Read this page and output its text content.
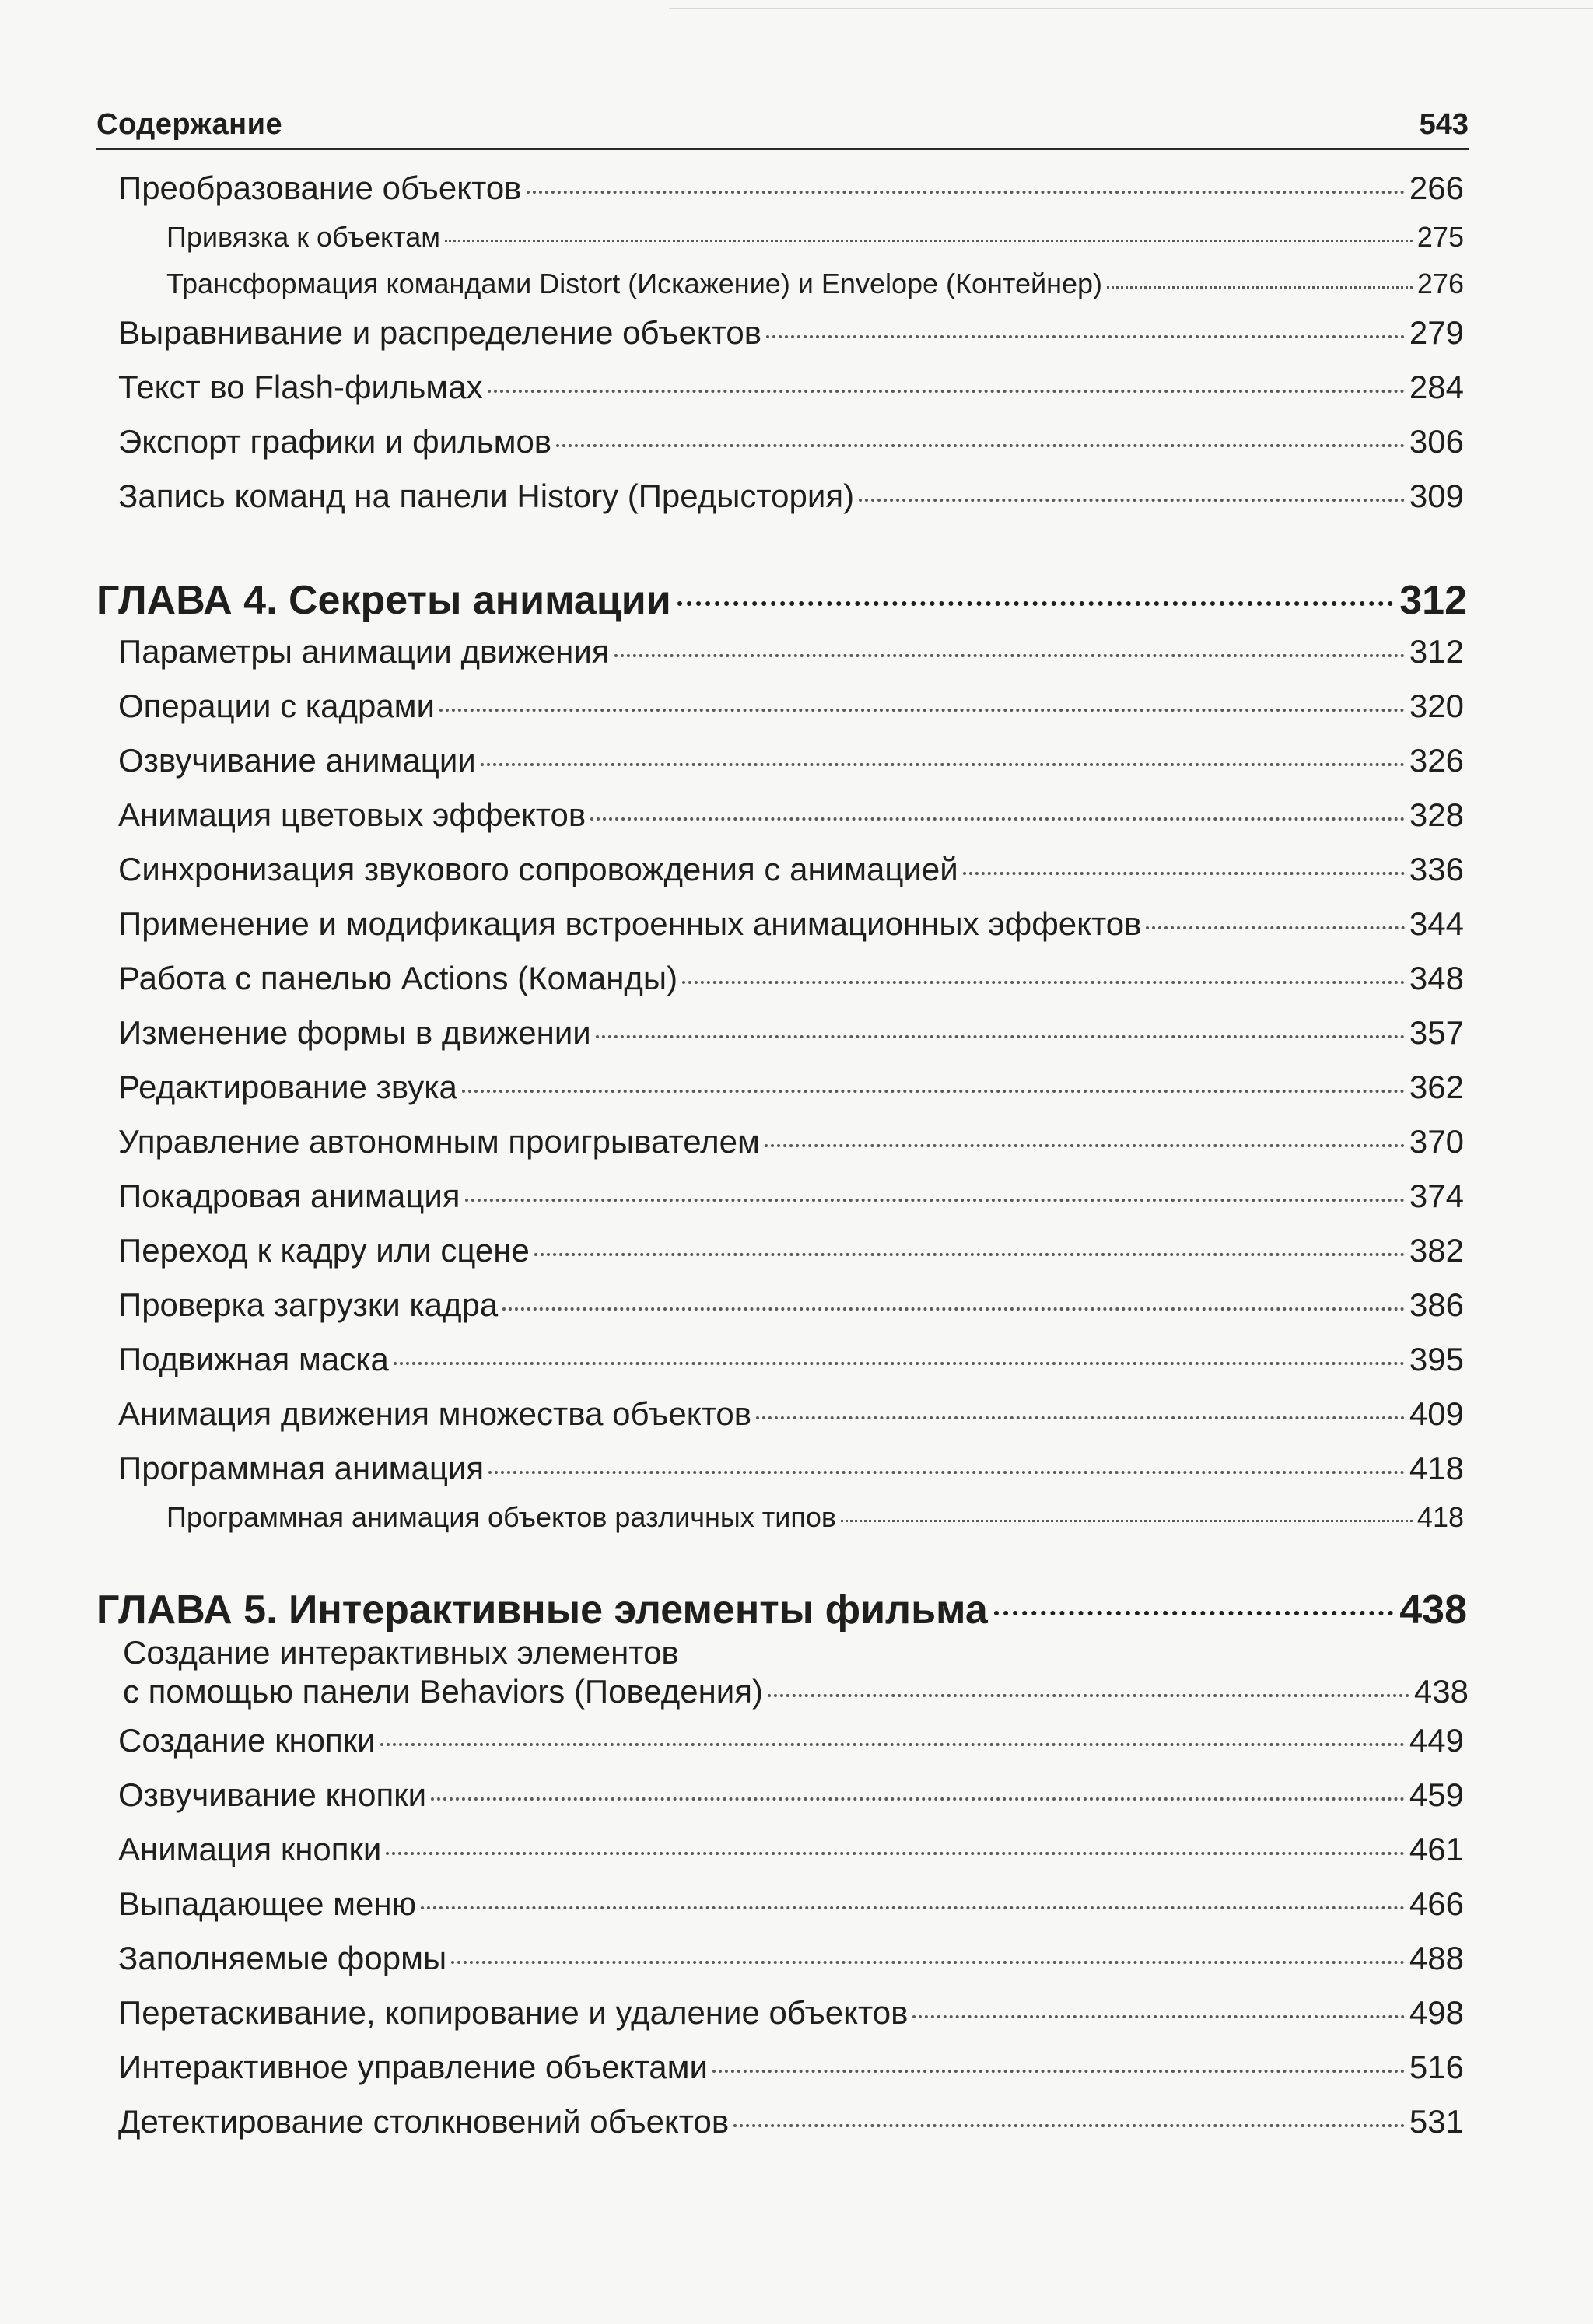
Содержание	543
Преобразование объектов	266
Привязка к объектам	275
Трансформация командами Distort (Искажение) и Envelope (Контейнер)	276
Выравнивание и распределение объектов	279
Текст во Flash-фильмах	284
Экспорт графики и фильмов	306
Запись команд на панели History (Предыстория)	309
ГЛАВА 4. Секреты анимации	312
Параметры анимации движения	312
Операции с кадрами	320
Озвучивание анимации	326
Анимация цветовых эффектов	328
Синхронизация звукового сопровождения с анимацией	336
Применение и модификация встроенных анимационных эффектов	344
Работа с панелью Actions (Команды)	348
Изменение формы в движении	357
Редактирование звука	362
Управление автономным проигрывателем	370
Покадровая анимация	374
Переход к кадру или сцене	382
Проверка загрузки кадра	386
Подвижная маска	395
Анимация движения множества объектов	409
Программная анимация	418
Программная анимация объектов различных типов	418
ГЛАВА 5. Интерактивные элементы фильма	438
Создание интерактивных элементов
с помощью панели Behaviors (Поведения)	438
Создание кнопки	449
Озвучивание кнопки	459
Анимация кнопки	461
Выпадающее меню	466
Заполняемые формы	488
Перетаскивание, копирование и удаление объектов	498
Интерактивное управление объектами	516
Детектирование столкновений объектов	531
